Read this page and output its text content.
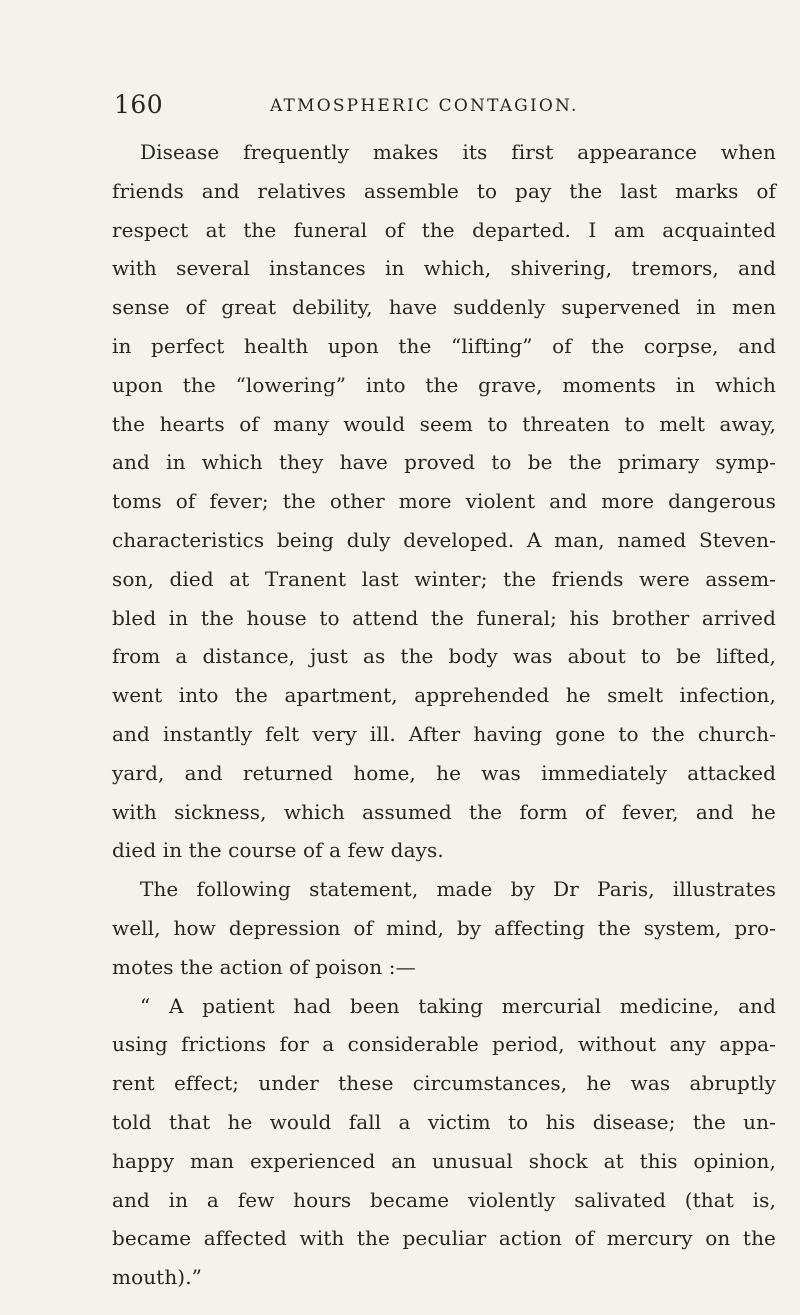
160	ATMOSPHERIC CONTAGION.
Disease frequently makes its first appearance when
friends and relatives assemble to pay the last marks of
respect at the funeral of the departed. I am acquainted
with several instances in which, shivering, tremors, and
sense of great debility, have suddenly supervened in men
in perfect health upon the “lifting” of the corpse, and
upon the “lowering” into the grave, moments in which
the hearts of many would seem to threaten to melt away,
and in which they have proved to be the primary symp-
toms of fever; the other more violent and more dangerous
characteristics being duly developed. A man, named Steven-
son, died at Tranent last winter; the friends were assem-
bled in the house to attend the funeral; his brother arrived
from a distance, just as the body was about to be lifted,
went into the apartment, apprehended he smelt infection,
and instantly felt very ill. After having gone to the church-
yard, and returned home, he was immediately attacked
with sickness, which assumed the form of fever, and he
died in the course of a few days.
The following statement, made by Dr Paris, illustrates
well, how depression of mind, by affecting the system, pro-
motes the action of poison :—
“ A patient had been taking mercurial medicine, and
using frictions for a considerable period, without any appa-
rent effect; under these circumstances, he was abruptly
told that he would fall a victim to his disease; the un-
happy man experienced an unusual shock at this opinion,
and in a few hours became violently salivated (that is,
became affected with the peculiar action of mercury on the
mouth).”
